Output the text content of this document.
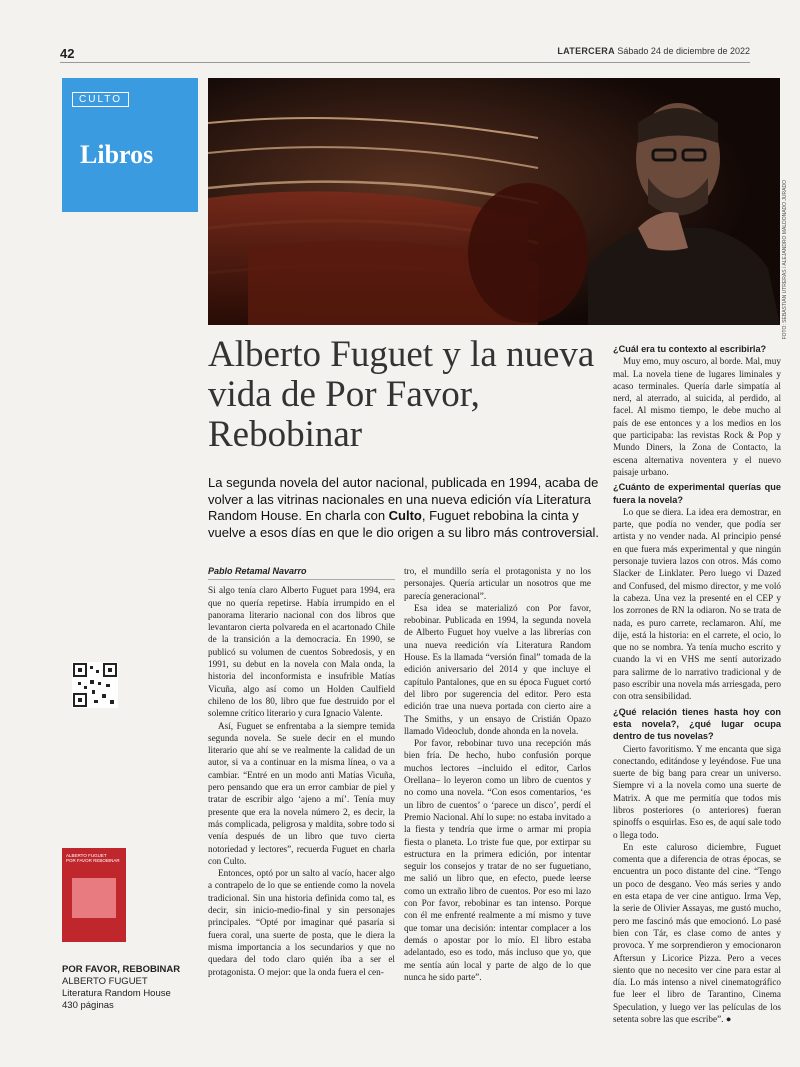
42	LATERCERA Sábado 24 de diciembre de 2022
CULTO
Libros
FOTO: SEBASTIÁN UTRERAS / ALEJANDRO MALDONADO JURADO
Alberto Fuguet y la nueva vida de Por Favor, Rebobinar

La segunda novela del autor nacional, publicada en 1994, acaba de volver a las vitrinas nacionales en una nueva edición vía Literatura Random House. En charla con Culto, Fuguet rebobina la cinta y vuelve a esos días en que le dio origen a su libro más controversial.

Pablo Retamal Navarro

Si algo tenía claro Alberto Fuguet para 1994, era que no quería repetirse. Había irrumpido en el panorama literario nacional con dos libros que levantaron cierta polvareda en el acartonado Chile de la transición a la democracia. En 1990, se publicó su volumen de cuentos Sobredosis, y en 1991, su debut en la novela con Mala onda, la historia del inconformista e insufrible Matías Vicuña, algo así como un Holden Caulfield chileno de los 80, libro que fue destruido por el solemne crítico literario y cura Ignacio Valente.

Así, Fuguet se enfrentaba a la siempre temida segunda novela. Se suele decir en el mundo literario que ahí se ve realmente la calidad de un autor, si va a continuar en la misma línea, o va a cambiar. “Entré en un modo anti Matías Vicuña, pero pensando que era un error cambiar de piel y tratar de escribir algo ‘ajeno a mí’. Tenía muy presente que era la novela número 2, es decir, la más complicada, peligrosa y maldita, sobre todo si venía después de un libro que tuvo cierta notoriedad y lectores”, recuerda Fuguet en charla con Culto.

Entonces, optó por un salto al vacío, hacer algo a contrapelo de lo que se entiende como la novela tradicional. Sin una historia definida como tal, es decir, sin inicio-medio-final y sin personajes principales. “Opté por imaginar qué pasaría si fuera coral, una suerte de posta, que le diera la misma importancia a los secundarios y que no quedara del todo claro quién iba a ser el protagonista. O mejor: que la onda fuera el cen-

tro, el mundillo sería el protagonista y no los personajes. Quería articular un nosotros que me parecía generacional”.

Esa idea se materializó con Por favor, rebobinar. Publicada en 1994, la segunda novela de Alberto Fuguet hoy vuelve a las librerías con una nueva reedición vía Literatura Random House. Es la llamada “versión final” tomada de la edición aniversario del 2014 y que incluye el capítulo Pantalones, que en su época Fuguet cortó del libro por sugerencia del editor. Pero esta edición trae una nueva portada con cierto aire a The Smiths, y un ensayo de Cristián Opazo llamado Videoclub, donde ahonda en la novela.

Por favor, rebobinar tuvo una recepción más bien fría. De hecho, hubo confusión porque muchos lectores –incluido el editor, Carlos Orellana– lo leyeron como un libro de cuentos y no como una novela. “Con esos comentarios, ‘es un libro de cuentos’ o ‘parece un disco’, perdí el Premio Nacional. Ahí lo supe: no estaba invitado a la fiesta y tendría que irme o armar mi propia fiesta o planeta. Lo triste fue que, por extirpar su estructura en la primera edición, por intentar seguir los consejos y tratar de no ser fuguetiano, me salió un libro que, en efecto, puede leerse como un extraño libro de cuentos. Por eso mi lazo con Por favor, rebobinar es tan intenso. Porque con él me enfrenté realmente a mí mismo y tuve que tomar una decisión: intentar complacer a los demás o apostar por lo mío. El libro estaba adelantado, eso es todo, más incluso que yo, que me sentía aún local y parte de algo de lo que nunca he sido parte”.

¿Cuál era tu contexto al escribirla?

Muy emo, muy oscuro, al borde. Mal, muy mal. La novela tiene de lugares liminales y acaso terminales. Quería darle simpatía al nerd, al aterrado, al suicida, al perdido, al facel. Al mismo tiempo, le debe mucho al país de ese entonces y a los medios en los que participaba: las revistas Rock & Pop y Mundo Diners, la Zona de Contacto, la escena alternativa noventera y el nuevo paisaje urbano.

¿Cuánto de experimental querías que fuera la novela?

Lo que se diera. La idea era demostrar, en parte, que podía no vender, que podía ser artista y no vender nada. Al principio pensé en que fuera más experimental y que ningún personaje tuviera lazos con otros. Más como Slacker de Linklater. Pero luego vi Dazed and Confused, del mismo director, y me voló la cabeza. Una vez la presenté en el CEP y los zorrones de RN la odiaron. No se trata de nada, es puro carrete, reclamaron. Ahí, me dije, está la historia: en el carrete, el ocio, lo que no se nombra. Ya tenía mucho escrito y cuando la vi en VHS me sentí autorizado para salirme de lo narrativo tradicional y de paso escribir una novela más arriesgada, pero con otra sensibilidad.

¿Qué relación tienes hasta hoy con esta novela?, ¿qué lugar ocupa dentro de tus novelas?

Cierto favoritismo. Y me encanta que siga conectando, editándose y leyéndose. Fue una suerte de big bang para crear un universo. Siempre vi a la novela como una suerte de Matrix. A que me permitía que todos mis libros posteriores (o anteriores) fueran spinoffs o esquirlas. Eso es, de aquí sale todo o llega todo.

En este caluroso diciembre, Fuguet comenta que a diferencia de otras épocas, se encuentra un poco distante del cine. “Tengo un poco de desgano. Veo más series y ando en esta etapa de ver cine antiguo. Irma Vep, la serie de Olivier Assayas, me gustó mucho, pero me fascinó más que emocionó. Lo pasé bien con Tár, es clase como de antes y provoca. Y me sorprendieron y emocionaron Aftersun y Licorice Pizza. Pero a veces siento que no necesito ver cine para estar al día. Lo más intenso a nivel cinematográfico fue leer el libro de Tarantino, Cinema Speculation, y luego ver las películas de los setenta sobre las que escribe”. ●

ALBERTO FUGUET
POR FAVOR REBOBINAR
POR FAVOR, REBOBINAR
ALBERTO FUGUET
Literatura Random House
430 páginas
